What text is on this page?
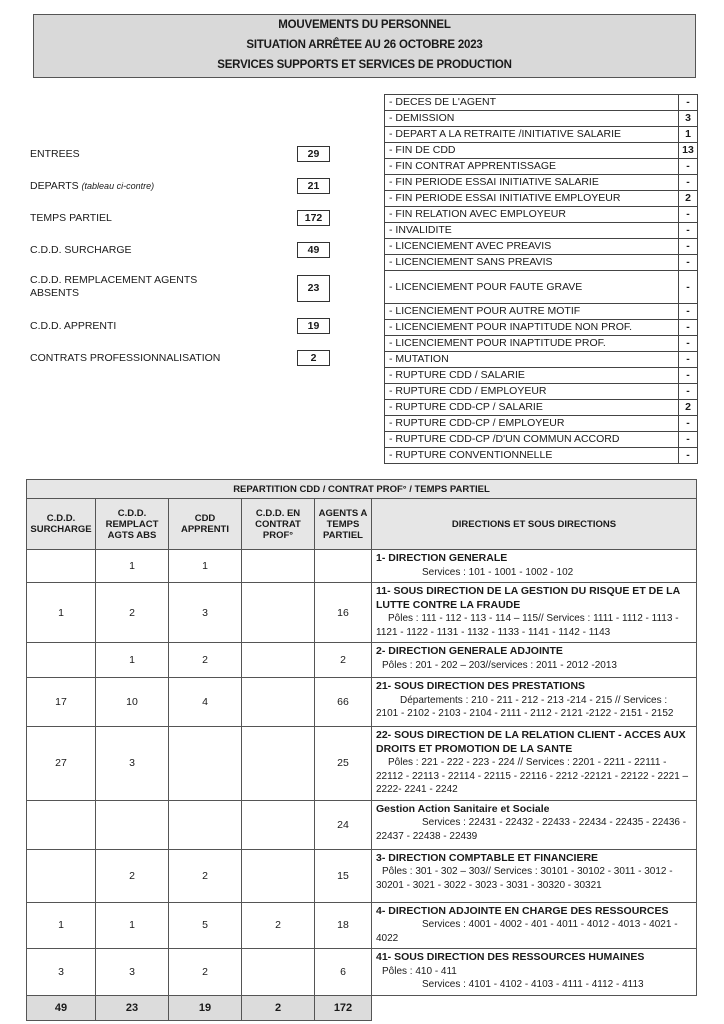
MOUVEMENTS DU PERSONNEL
SITUATION ARRÊTEE AU 26 OCTOBRE 2023
SERVICES SUPPORTS ET SERVICES DE PRODUCTION
ENTREES	29
DEPARTS (tableau ci-contre)	21
TEMPS PARTIEL	172
C.D.D. SURCHARGE	49
C.D.D. REMPLACEMENT AGENTS ABSENTS	23
C.D.D. APPRENTI	19
CONTRATS PROFESSIONNALISATION	2
- DECES DE L'AGENT	-
- DEMISSION	3
- DEPART A LA RETRAITE /INITIATIVE SALARIE	1
- FIN DE CDD	13
- FIN CONTRAT APPRENTISSAGE	-
- FIN PERIODE ESSAI INITIATIVE SALARIE	-
- FIN PERIODE ESSAI INITIATIVE EMPLOYEUR	2
- FIN RELATION AVEC EMPLOYEUR	-
- INVALIDITE	-
- LICENCIEMENT AVEC PREAVIS	-
- LICENCIEMENT SANS PREAVIS	-
- LICENCIEMENT POUR FAUTE GRAVE	-
- LICENCIEMENT POUR AUTRE MOTIF	-
- LICENCIEMENT POUR INAPTITUDE NON PROF.	-
- LICENCIEMENT POUR INAPTITUDE PROF.	-
- MUTATION	-
- RUPTURE CDD / SALARIE	-
- RUPTURE CDD / EMPLOYEUR	-
- RUPTURE CDD-CP / SALARIE	2
- RUPTURE CDD-CP / EMPLOYEUR	-
- RUPTURE CDD-CP /D'UN COMMUN ACCORD	-
- RUPTURE CONVENTIONNELLE	-
REPARTITION CDD / CONTRAT PROF° / TEMPS PARTIEL					
C.D.D. SURCHARGE	C.D.D. REMPLACT AGTS ABS	CDD APPRENTI	C.D.D. EN CONTRAT PROF°	AGENTS A TEMPS PARTIEL	DIRECTIONS ET SOUS DIRECTIONS
	1	1			1- DIRECTION GENERALE
Services : 101 - 1001 - 1002 - 102

1	2	3		16	11- SOUS DIRECTION DE LA GESTION DU RISQUE ET DE LA LUTTE CONTRE LA FRAUDE
Pôles : 111 - 112 - 113 - 114 – 115// Services : 1111 - 1112 - 1113 - 1121 - 1122 - 1131 - 1132 - 1133 - 1141 - 1142 - 1143

	1	2		2	2- DIRECTION GENERALE ADJOINTE
Pôles : 201 - 202 – 203//services : 2011 - 2012 -2013

17	10	4		66	21- SOUS DIRECTION DES PRESTATIONS
Départements : 210 - 211 - 212 - 213 -214 - 215 // Services : 2101 - 2102 - 2103 - 2104 - 2111 - 2112 - 2121 -2122 - 2151 - 2152

27	3			25	22- SOUS DIRECTION DE LA RELATION CLIENT - ACCES AUX DROITS ET PROMOTION DE LA SANTE
Pôles : 221 - 222 - 223 - 224 // Services : 2201 - 2211 - 22111 - 22112 - 22113 - 22114 - 22115 - 22116 - 2212 -22121 - 22122 - 2221 – 2222- 2241 - 2242

				24	Gestion Action Sanitaire et Sociale
Services : 22431 - 22432 - 22433 - 22434 - 22435 - 22436 - 22437 - 22438 - 22439

	2	2		15	3- DIRECTION COMPTABLE ET FINANCIERE
Pôles : 301 - 302 – 303// Services : 30101 - 30102 - 3011 - 3012 - 30201 - 3021 - 3022 - 3023 - 3031 - 30320 - 30321

1	1	5	2	18	4- DIRECTION ADJOINTE EN CHARGE DES RESSOURCES
Services : 4001 - 4002 - 401 - 4011 - 4012 - 4013 - 4021 - 4022

3	3	2		6	41- SOUS DIRECTION DES RESSOURCES HUMAINES
Pôles : 410 - 411
Services : 4101 - 4102 - 4103 - 4111 - 4112 - 4113

49	23	19	2	172	
